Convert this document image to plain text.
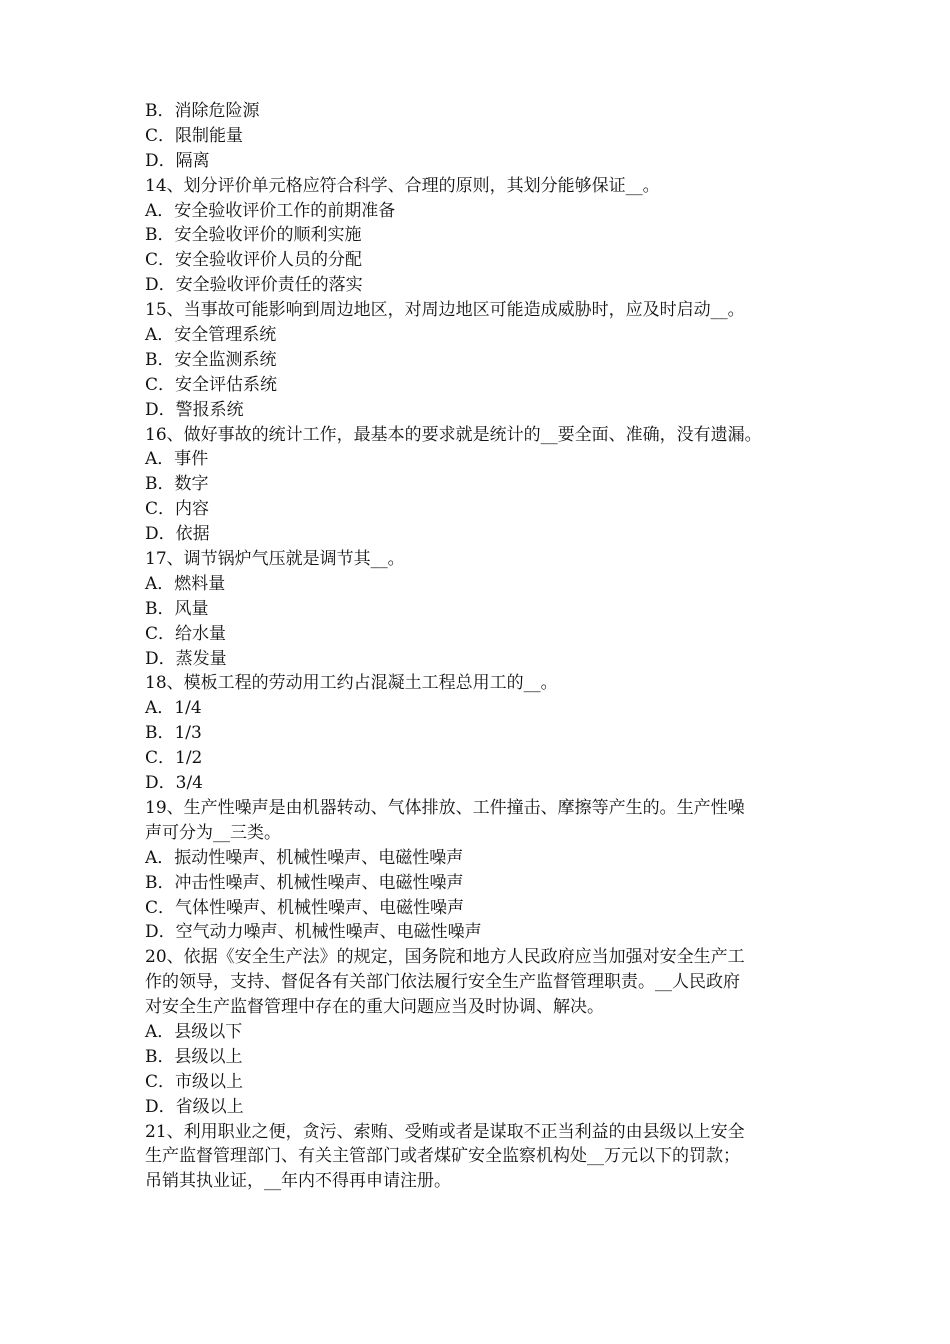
B．消除危险源
C．限制能量
D．隔离
14、划分评价单元格应符合科学、合理的原则，其划分能够保证__。
A．安全验收评价工作的前期准备
B．安全验收评价的顺利实施
C．安全验收评价人员的分配
D．安全验收评价责任的落实
15、当事故可能影响到周边地区，对周边地区可能造成威胁时，应及时启动__。
A．安全管理系统
B．安全监测系统
C．安全评估系统
D．警报系统
16、做好事故的统计工作，最基本的要求就是统计的__要全面、准确，没有遗漏。
A．事件
B．数字
C．内容
D．依据
17、调节锅炉气压就是调节其__。
A．燃料量
B．风量
C．给水量
D．蒸发量
18、模板工程的劳动用工约占混凝土工程总用工的__。
A．1/4
B．1/3
C．1/2
D．3/4
19、生产性噪声是由机器转动、气体排放、工件撞击、摩擦等产生的。生产性噪
声可分为__三类。
A．振动性噪声、机械性噪声、电磁性噪声
B．冲击性噪声、机械性噪声、电磁性噪声
C．气体性噪声、机械性噪声、电磁性噪声
D．空气动力噪声、机械性噪声、电磁性噪声
20、依据《安全生产法》的规定，国务院和地方人民政府应当加强对安全生产工
作的领导，支持、督促各有关部门依法履行安全生产监督管理职责。__人民政府
对安全生产监督管理中存在的重大问题应当及时协调、解决。
A．县级以下
B．县级以上
C．市级以上
D．省级以上
21、利用职业之便，贪污、索贿、受贿或者是谋取不正当利益的由县级以上安全
生产监督管理部门、有关主管部门或者煤矿安全监察机构处__万元以下的罚款；
吊销其执业证，__年内不得再申请注册。
